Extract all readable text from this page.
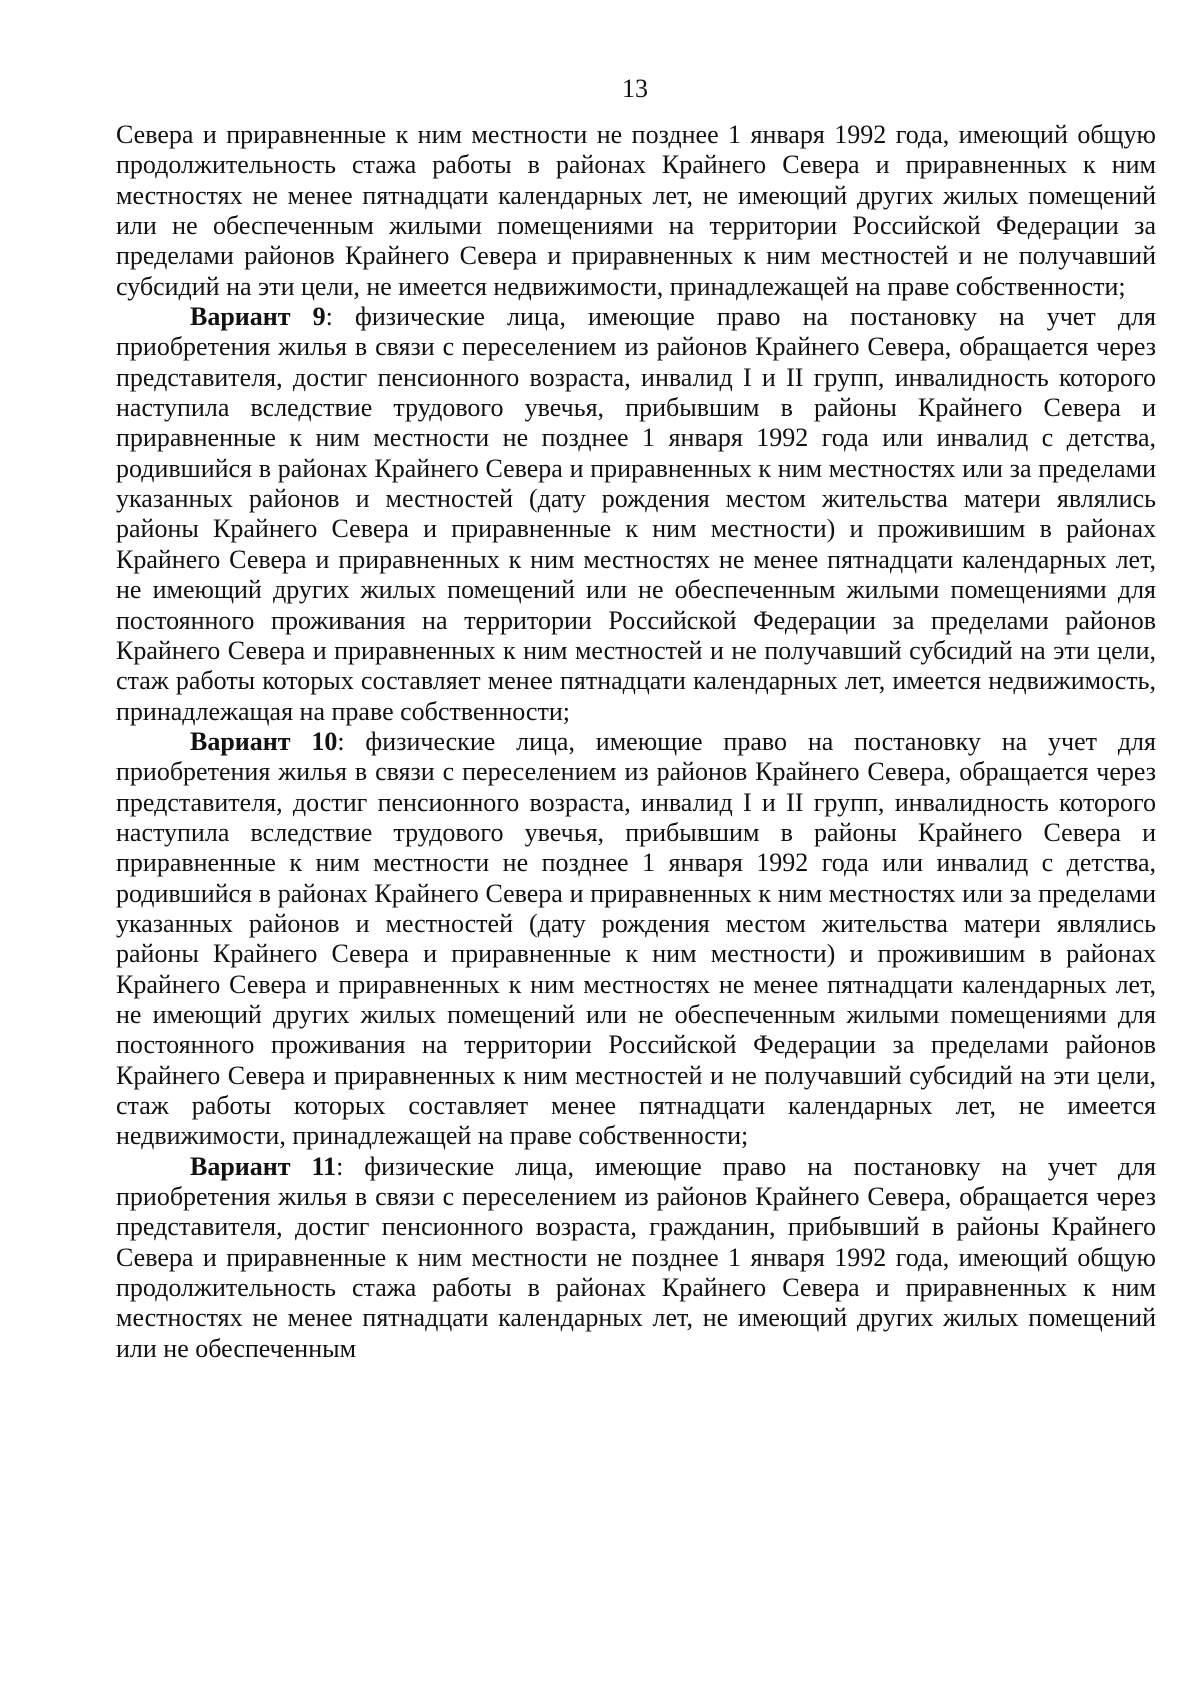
13

Севера и приравненные к ним местности не позднее 1 января 1992 года, имеющий общую продолжительность стажа работы в районах Крайнего Севера и приравненных к ним местностях не менее пятнадцати календарных лет, не имеющий других жилых помещений или не обеспеченным жилыми помещениями на территории Российской Федерации за пределами районов Крайнего Севера и приравненных к ним местностей и не получавший субсидий на эти цели, не имеется недвижимости, принадлежащей на праве собственности;

Вариант 9: физические лица, имеющие право на постановку на учет для приобретения жилья в связи с переселением из районов Крайнего Севера, обращается через представителя, достиг пенсионного возраста, инвалид I и II групп, инвалидность которого наступила вследствие трудового увечья, прибывшим в районы Крайнего Севера и приравненные к ним местности не позднее 1 января 1992 года или инвалид с детства, родившийся в районах Крайнего Севера и приравненных к ним местностях или за пределами указанных районов и местностей (дату рождения местом жительства матери являлись районы Крайнего Севера и приравненные к ним местности) и проживишим в районах Крайнего Севера и приравненных к ним местностях не менее пятнадцати календарных лет, не имеющий других жилых помещений или не обеспеченным жилыми помещениями для постоянного проживания на территории Российской Федерации за пределами районов Крайнего Севера и приравненных к ним местностей и не получавший субсидий на эти цели, стаж работы которых составляет менее пятнадцати календарных лет, имеется недвижимость, принадлежащая на праве собственности;

Вариант 10: физические лица, имеющие право на постановку на учет для приобретения жилья в связи с переселением из районов Крайнего Севера, обращается через представителя, достиг пенсионного возраста, инвалид I и II групп, инвалидность которого наступила вследствие трудового увечья, прибывшим в районы Крайнего Севера и приравненные к ним местности не позднее 1 января 1992 года или инвалид с детства, родившийся в районах Крайнего Севера и приравненных к ним местностях или за пределами указанных районов и местностей (дату рождения местом жительства матери являлись районы Крайнего Севера и приравненные к ним местности) и проживишим в районах Крайнего Севера и приравненных к ним местностях не менее пятнадцати календарных лет, не имеющий других жилых помещений или не обеспеченным жилыми помещениями для постоянного проживания на территории Российской Федерации за пределами районов Крайнего Севера и приравненных к ним местностей и не получавший субсидий на эти цели, стаж работы которых составляет менее пятнадцати календарных лет, не имеется недвижимости, принадлежащей на праве собственности;

Вариант 11: физические лица, имеющие право на постановку на учет для приобретения жилья в связи с переселением из районов Крайнего Севера, обращается через представителя, достиг пенсионного возраста, гражданин, прибывший в районы Крайнего Севера и приравненные к ним местности не позднее 1 января 1992 года, имеющий общую продолжительность стажа работы в районах Крайнего Севера и приравненных к ним местностях не менее пятнадцати календарных лет, не имеющий других жилых помещений или не обеспеченным
